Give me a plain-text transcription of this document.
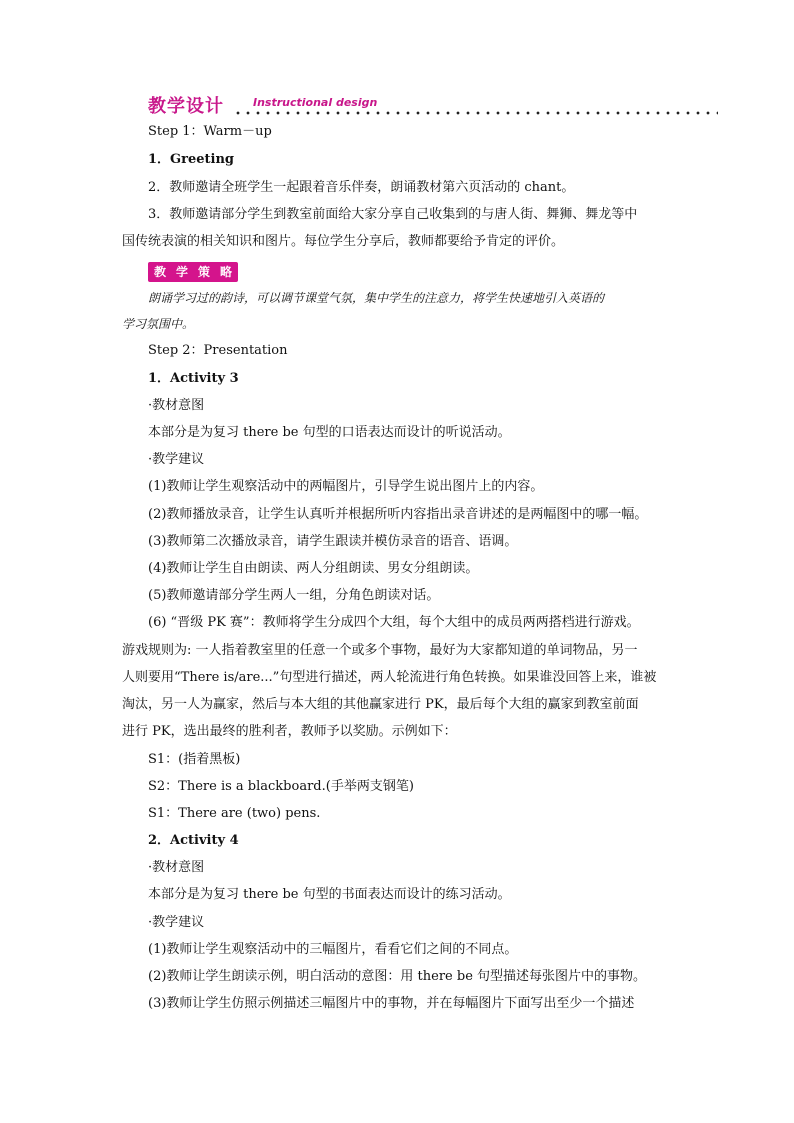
教学设计	Instructional design
Step 1：Warm－up
1．Greeting
2．教师邀请全班学生一起跟着音乐伴奏，朗诵教材第六页活动的 chant。
3．教师邀请部分学生到教室前面给大家分享自己收集到的与唐人街、舞狮、舞龙等中
国传统表演的相关知识和图片。每位学生分享后，教师都要给予肯定的评价。
教 学 策 略
朗诵学习过的韵诗，可以调节课堂气氛，集中学生的注意力，将学生快速地引入英语的
学习氛围中。
Step 2：Presentation
1．Activity 3
·教材意图
本部分是为复习 there be 句型的口语表达而设计的听说活动。
·教学建议
(1)教师让学生观察活动中的两幅图片，引导学生说出图片上的内容。
(2)教师播放录音，让学生认真听并根据所听内容指出录音讲述的是两幅图中的哪一幅。
(3)教师第二次播放录音，请学生跟读并模仿录音的语音、语调。
(4)教师让学生自由朗读、两人分组朗读、男女分组朗读。
(5)教师邀请部分学生两人一组，分角色朗读对话。
(6) “晋级 PK 赛”：教师将学生分成四个大组，每个大组中的成员两两搭档进行游戏。
游戏规则为: 一人指着教室里的任意一个或多个事物，最好为大家都知道的单词物品，另一
人则要用“There is/are...”句型进行描述，两人轮流进行角色转换。如果谁没回答上来，谁被
淘汰，另一人为赢家，然后与本大组的其他赢家进行 PK，最后每个大组的赢家到教室前面
进行 PK，选出最终的胜利者，教师予以奖励。示例如下：
S1：(指着黑板)
S2：There is a blackboard.(手举两支钢笔)
S1：There are (two) pens.
2．Activity 4
·教材意图
本部分是为复习 there be 句型的书面表达而设计的练习活动。
·教学建议
(1)教师让学生观察活动中的三幅图片，看看它们之间的不同点。
(2)教师让学生朗读示例，明白活动的意图：用 there be 句型描述每张图片中的事物。
(3)教师让学生仿照示例描述三幅图片中的事物，并在每幅图片下面写出至少一个描述
